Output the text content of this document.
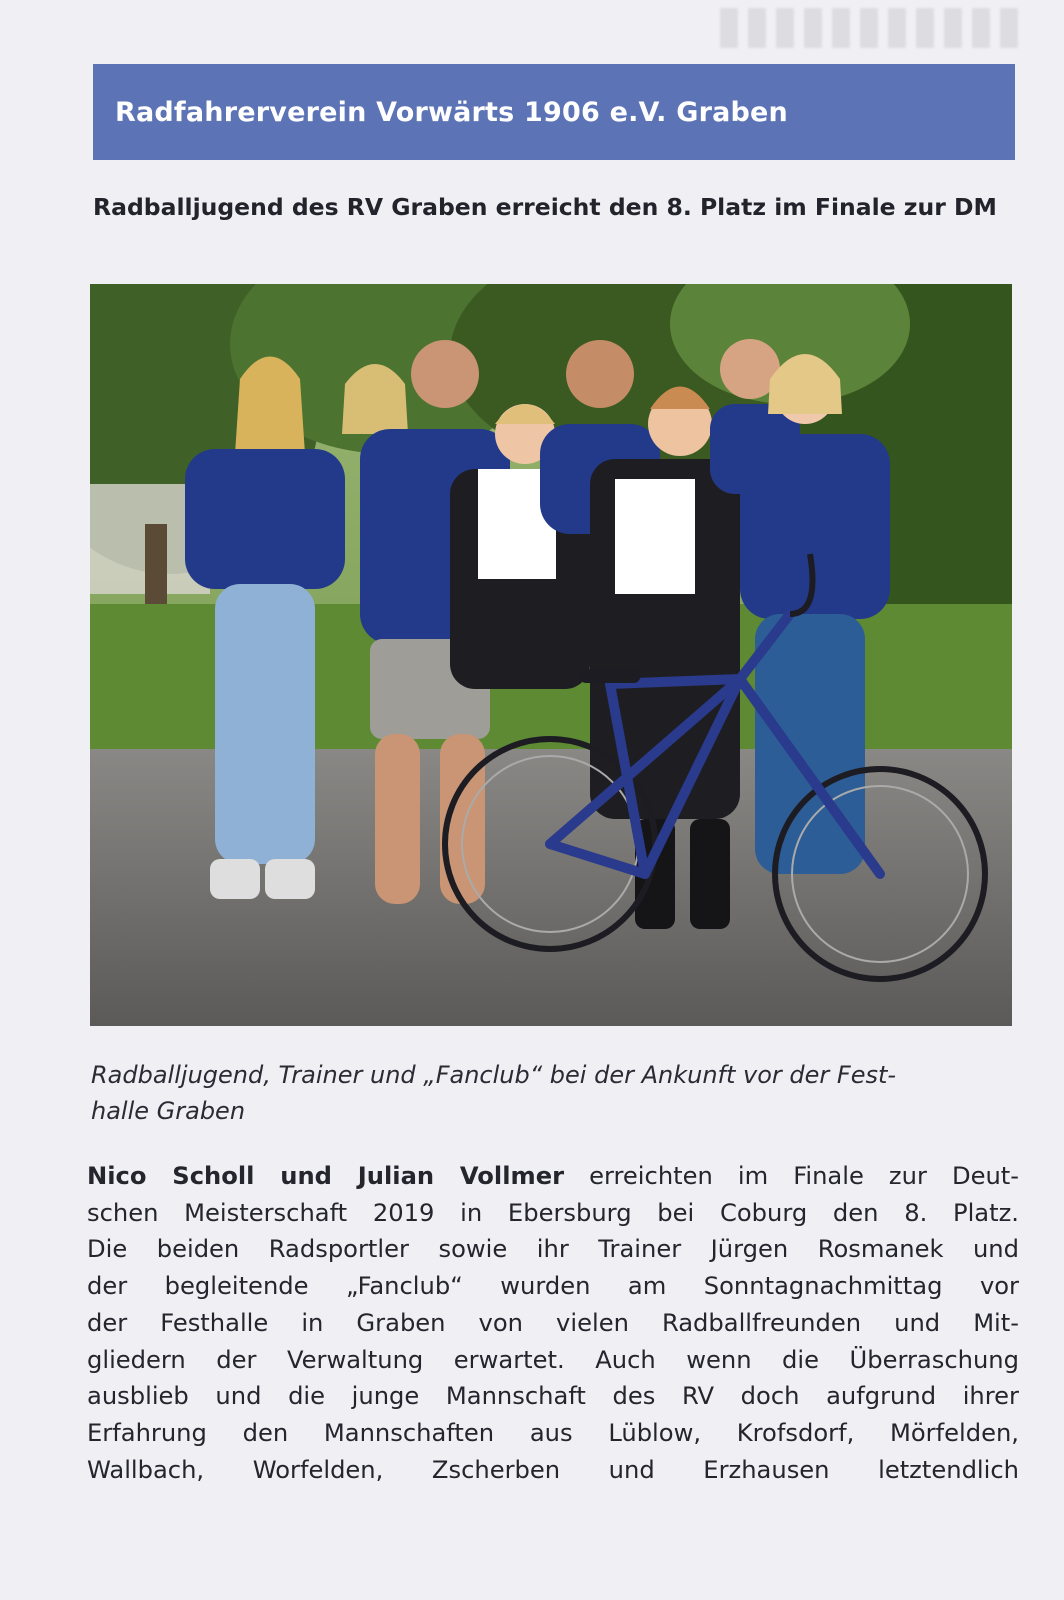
Radfahrerverein Vorwärts 1906 e.V. Graben
Radballjugend des RV Graben erreicht den 8. Platz im Finale zur DM

Radballjugend, Trainer und „Fanclub“ bei der Ankunft vor der Fest-
halle Graben

Nico Scholl und Julian Vollmer erreichten im Finale zur Deut-
schen Meisterschaft 2019 in Ebersburg bei Coburg den 8. Platz.
Die beiden Radsportler sowie ihr Trainer Jürgen Rosmanek und
der begleitende „Fanclub“ wurden am Sonntagnachmittag vor
der Festhalle in Graben von vielen Radballfreunden und Mit-
gliedern der Verwaltung erwartet. Auch wenn die Überraschung
ausblieb und die junge Mannschaft des RV doch aufgrund ihrer
Erfahrung den Mannschaften aus Lüblow, Krofsdorf, Mörfelden,
Wallbach, Worfelden, Zscherben und Erzhausen letztendlich
